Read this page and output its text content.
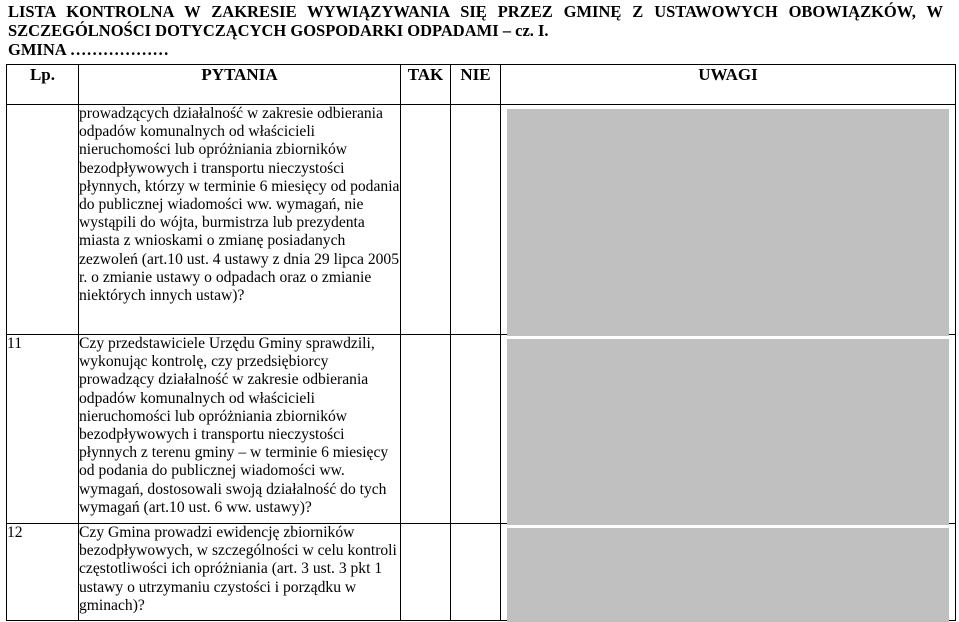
LISTA KONTROLNA W ZAKRESIE WYWIĄZYWANIA SIĘ PRZEZ GMINĘ Z USTAWOWYCH OBOWIĄZKÓW, W
SZCZEGÓLNOŚCI DOTYCZĄCYCH GOSPODARKI ODPADAMI – cz. I.
GMINA ………………
Lp.	PYTANIA	TAK	NIE	UWAGI
	prowadzących działalność w zakresie odbierania odpadów komunalnych od właścicieli nieruchomości lub opróżniania zbiorników bezodpływowych i transportu nieczystości płynnych, którzy w terminie 6 miesięcy od podania do publicznej wiadomości ww. wymagań, nie wystąpili do wójta, burmistrza lub prezydenta miasta z wnioskami o zmianę posiadanych zezwoleń (art.10 ust. 4 ustawy z dnia 29 lipca 2005 r. o zmianie ustawy o odpadach oraz o zmianie niektórych innych ustaw)?			

11	Czy przedstawiciele Urzędu Gminy sprawdzili, wykonując kontrolę, czy przedsiębiorcy prowadzący działalność w zakresie odbierania odpadów komunalnych od właścicieli nieruchomości lub opróżniania zbiorników bezodpływowych i transportu nieczystości płynnych z terenu gminy – w terminie 6 miesięcy od podania do publicznej wiadomości ww. wymagań, dostosowali swoją działalność do tych wymagań (art.10 ust. 6 ww. ustawy)?			

12	Czy Gmina prowadzi ewidencję zbiorników bezodpływowych, w szczególności w celu kontroli częstotliwości ich opróżniania (art. 3 ust. 3 pkt 1 ustawy o utrzymaniu czystości i porządku w gminach)?			
